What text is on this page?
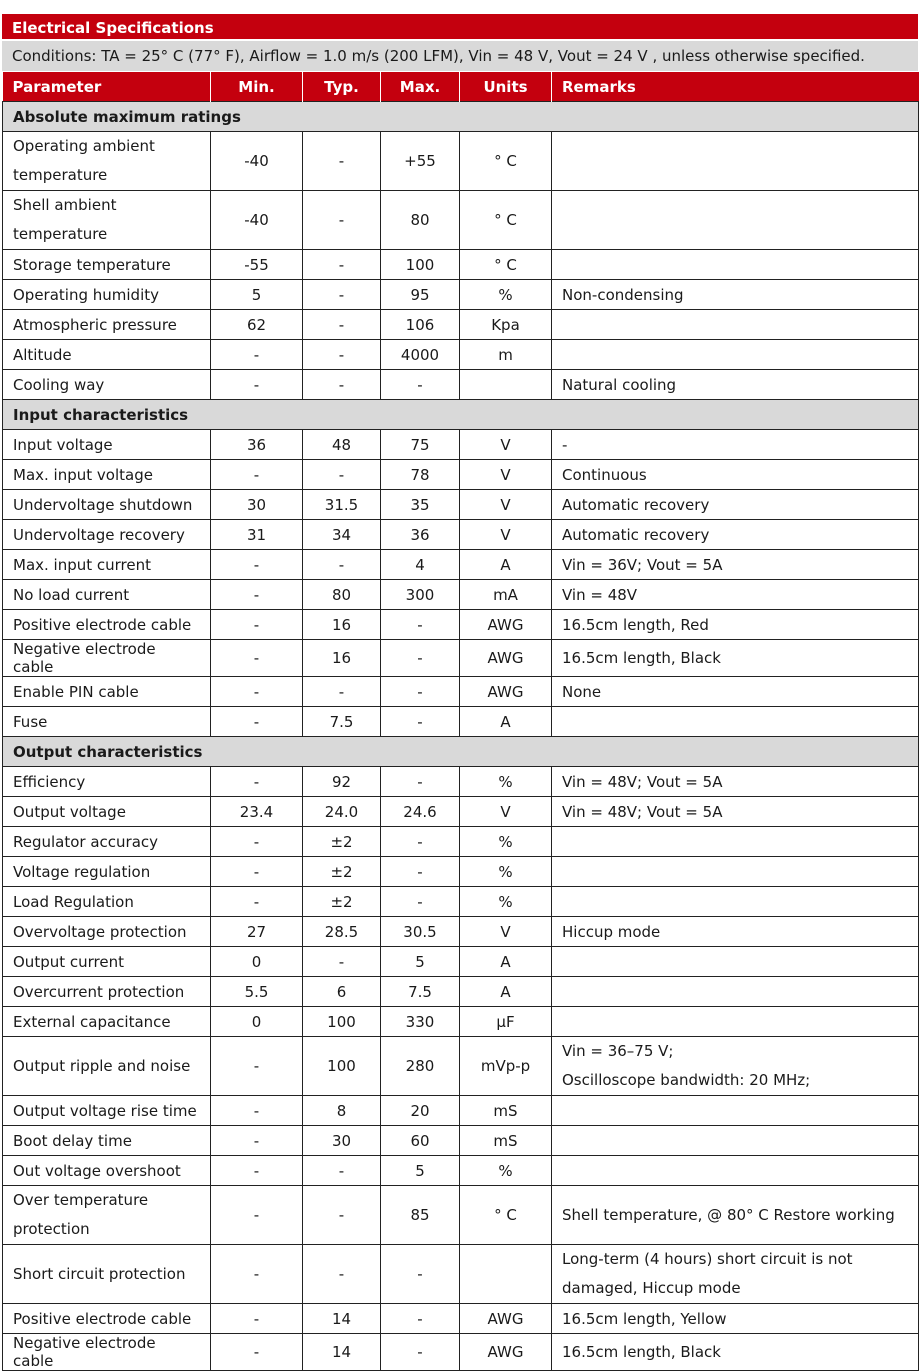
Electrical Specifications
Conditions: TA = 25° C (77° F), Airflow = 1.0 m/s (200 LFM), Vin = 48 V, Vout = 24 V , unless otherwise specified.
Parameter	Min.	Typ.	Max.	Units	Remarks
Absolute maximum ratings					
Operating ambient temperature	-40	-	+55	° C	
Shell ambient temperature	-40	-	80	° C	
Storage temperature	-55	-	100	° C	
Operating humidity	5	-	95	%	Non-condensing
Atmospheric pressure	62	-	106	Kpa	
Altitude	-	-	4000	m	
Cooling way	-	-	-		Natural cooling
Input characteristics					
Input voltage	36	48	75	V	-
Max. input voltage	-	-	78	V	Continuous
Undervoltage shutdown	30	31.5	35	V	Automatic recovery
Undervoltage recovery	31	34	36	V	Automatic recovery
Max. input current	-	-	4	A	Vin = 36V; Vout = 5A
No load current	-	80	300	mA	Vin = 48V
Positive electrode cable	-	16	-	AWG	16.5cm length, Red
Negative electrode cable	-	16	-	AWG	16.5cm length, Black
Enable PIN cable	-	-	-	AWG	None
Fuse	-	7.5	-	A	
Output characteristics					
Efficiency	-	92	-	%	Vin = 48V; Vout = 5A
Output voltage	23.4	24.0	24.6	V	Vin = 48V; Vout = 5A
Regulator accuracy	-	±2	-	%	
Voltage regulation	-	±2	-	%	
Load Regulation	-	±2	-	%	
Overvoltage protection	27	28.5	30.5	V	Hiccup mode
Output current	0	-	5	A	
Overcurrent protection	5.5	6	7.5	A	
External capacitance	0	100	330	μF	
Output ripple and noise	-	100	280	mVp-p	Vin = 36–75 V;
Oscilloscope bandwidth: 20 MHz;
Output voltage rise time	-	8	20	mS	
Boot delay time	-	30	60	mS	
Out voltage overshoot	-	-	5	%	
Over temperature protection	-	-	85	° C	Shell temperature, @ 80° C Restore working
Short circuit protection	-	-	-		Long-term (4 hours) short circuit is not damaged, Hiccup mode
Positive electrode cable	-	14	-	AWG	16.5cm length, Yellow
Negative electrode cable	-	14	-	AWG	16.5cm length, Black
